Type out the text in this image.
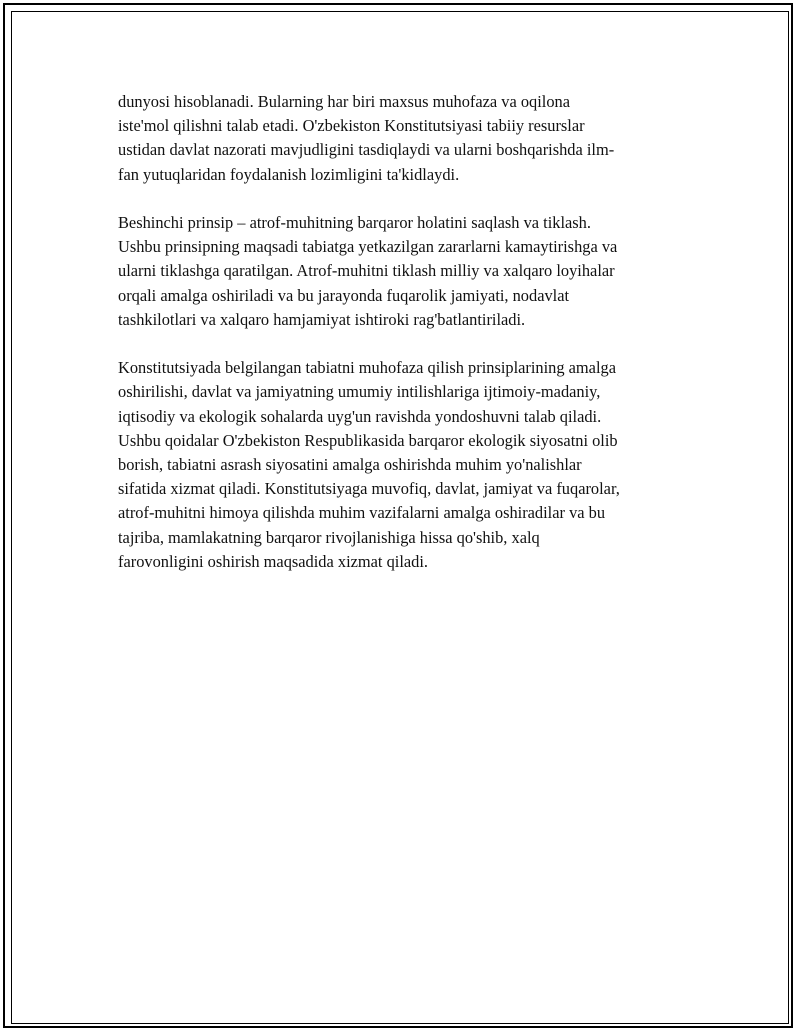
dunyosi hisoblanadi. Bularning har biri maxsus muhofaza va oqilona
iste'mol qilishni talab etadi. O'zbekiston Konstitutsiyasi tabiiy resurslar
ustidan davlat nazorati mavjudligini tasdiqlaydi va ularni boshqarishda ilm-
fan yutuqlaridan foydalanish lozimligini ta'kidlaydi.

Beshinchi prinsip – atrof-muhitning barqaror holatini saqlash va tiklash.
Ushbu prinsipning maqsadi tabiatga yetkazilgan zararlarni kamaytirishga va
ularni tiklashga qaratilgan. Atrof-muhitni tiklash milliy va xalqaro loyihalar
orqali amalga oshiriladi va bu jarayonda fuqarolik jamiyati, nodavlat
tashkilotlari va xalqaro hamjamiyat ishtiroki rag'batlantiriladi.

Konstitutsiyada belgilangan tabiatni muhofaza qilish prinsiplarining amalga
oshirilishi, davlat va jamiyatning umumiy intilishlariga ijtimoiy-madaniy,
iqtisodiy va ekologik sohalarda uyg'un ravishda yondoshuvni talab qiladi.
Ushbu qoidalar O'zbekiston Respublikasida barqaror ekologik siyosatni olib
borish, tabiatni asrash siyosatini amalga oshirishda muhim yo'nalishlar
sifatida xizmat qiladi. Konstitutsiyaga muvofiq, davlat, jamiyat va fuqarolar,
atrof-muhitni himoya qilishda muhim vazifalarni amalga oshiradilar va bu
tajriba, mamlakatning barqaror rivojlanishiga hissa qo'shib, xalq
farovonligini oshirish maqsadida xizmat qiladi.
